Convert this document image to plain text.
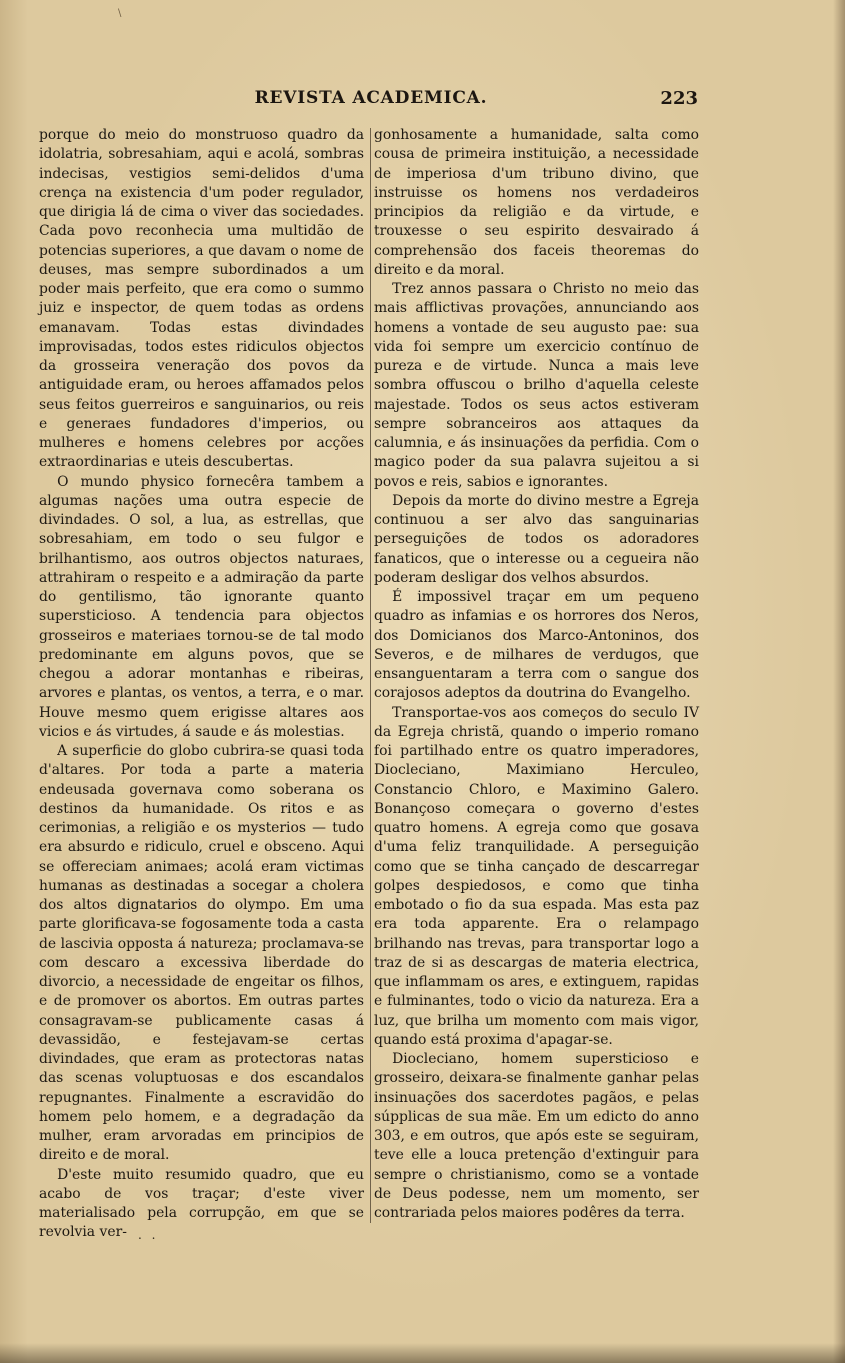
\
REVISTA ACADEMICA.	223

porque do meio do monstruoso quadro da idolatria, sobresahiam, aqui e acolá, sombras indecisas, vestigios semi-delidos d'uma crença na existencia d'um poder regulador, que dirigia lá de cima o viver das sociedades. Cada povo reconhecia uma multidão de potencias superiores, a que davam o nome de deuses, mas sempre subordinados a um poder mais perfeito, que era como o summo juiz e inspector, de quem todas as ordens emanavam. Todas estas divindades improvisadas, todos estes ridiculos objectos da grosseira veneração dos povos da antiguidade eram, ou heroes affamados pelos seus feitos guerreiros e sanguinarios, ou reis e generaes fundadores d'imperios, ou mulheres e homens celebres por acções extraordinarias e uteis descubertas.

O mundo physico fornecêra tambem a algumas nações uma outra especie de divindades. O sol, a lua, as estrellas, que sobresahiam, em todo o seu fulgor e brilhantismo, aos outros objectos naturaes, attrahiram o respeito e a admiração da parte do gentilismo, tão ignorante quanto supersticioso. A tendencia para objectos grosseiros e materiaes tornou-se de tal modo predominante em alguns povos, que se chegou a adorar montanhas e ribeiras, arvores e plantas, os ventos, a terra, e o mar. Houve mesmo quem erigisse altares aos vicios e ás virtudes, á saude e ás molestias.

A superficie do globo cubrira-se quasi toda d'altares. Por toda a parte a materia endeusada governava como soberana os destinos da humanidade. Os ritos e as cerimonias, a religião e os mysterios — tudo era absurdo e ridiculo, cruel e obsceno. Aqui se offereciam animaes; acolá eram victimas humanas as destinadas a socegar a cholera dos altos dignatarios do olympo. Em uma parte glorificava-se fogosamente toda a casta de lascivia opposta á natureza; proclamava-se com descaro a excessiva liberdade do divorcio, a necessidade de engeitar os filhos, e de promover os abortos. Em outras partes consagravam-se publicamente casas á devassidão, e festejavam-se certas divindades, que eram as protectoras natas das scenas voluptuosas e dos escandalos repugnantes. Finalmente a escravidão do homem pelo homem, e a degradação da mulher, eram arvoradas em principios de direito e de moral.

D'este muito resumido quadro, que eu acabo de vos traçar; d'este viver materialisado pela corrupção, em que se revolvia ver-

gonhosamente a humanidade, salta como cousa de primeira instituição, a necessidade de imperiosa d'um tribuno divino, que instruisse os homens nos verdadeiros principios da religião e da virtude, e trouxesse o seu espirito desvairado á comprehensão dos faceis theoremas do direito e da moral.

Trez annos passara o Christo no meio das mais afflictivas provações, annunciando aos homens a vontade de seu augusto pae: sua vida foi sempre um exercicio contínuo de pureza e de virtude. Nunca a mais leve sombra offuscou o brilho d'aquella celeste majestade. Todos os seus actos estiveram sempre sobranceiros aos attaques da calumnia, e ás insinuações da perfidia. Com o magico poder da sua palavra sujeitou a si povos e reis, sabios e ignorantes.

Depois da morte do divino mestre a Egreja continuou a ser alvo das sanguinarias perseguições de todos os adoradores fanaticos, que o interesse ou a cegueira não poderam desligar dos velhos absurdos.

É impossivel traçar em um pequeno quadro as infamias e os horrores dos Neros, dos Domicianos dos Marco-Antoninos, dos Severos, e de milhares de verdugos, que ensanguentaram a terra com o sangue dos corajosos adeptos da doutrina do Evangelho.

Transportae-vos aos começos do seculo IV da Egreja christã, quando o imperio romano foi partilhado entre os quatro imperadores, Diocleciano, Maximiano Herculeo, Constancio Chloro, e Maximino Galero. Bonançoso começara o governo d'estes quatro homens. A egreja como que gosava d'uma feliz tranquilidade. A perseguição como que se tinha cançado de descarregar golpes despiedosos, e como que tinha embotado o fio da sua espada. Mas esta paz era toda apparente. Era o relampago brilhando nas trevas, para transportar logo a traz de si as descargas de materia electrica, que inflammam os ares, e extinguem, rapidas e fulminantes, todo o vicio da natureza. Era a luz, que brilha um momento com mais vigor, quando está proxima d'apagar-se.

Diocleciano, homem supersticioso e grosseiro, deixara-se finalmente ganhar pelas insinuações dos sacerdotes pagãos, e pelas súpplicas de sua mãe. Em um edicto do anno 303, e em outros, que após este se seguiram, teve elle a louca pretenção d'extinguir para sempre o christianismo, como se a vontade de Deus podesse, nem um momento, ser contrariada pelos maiores podêres da terra.

. .
